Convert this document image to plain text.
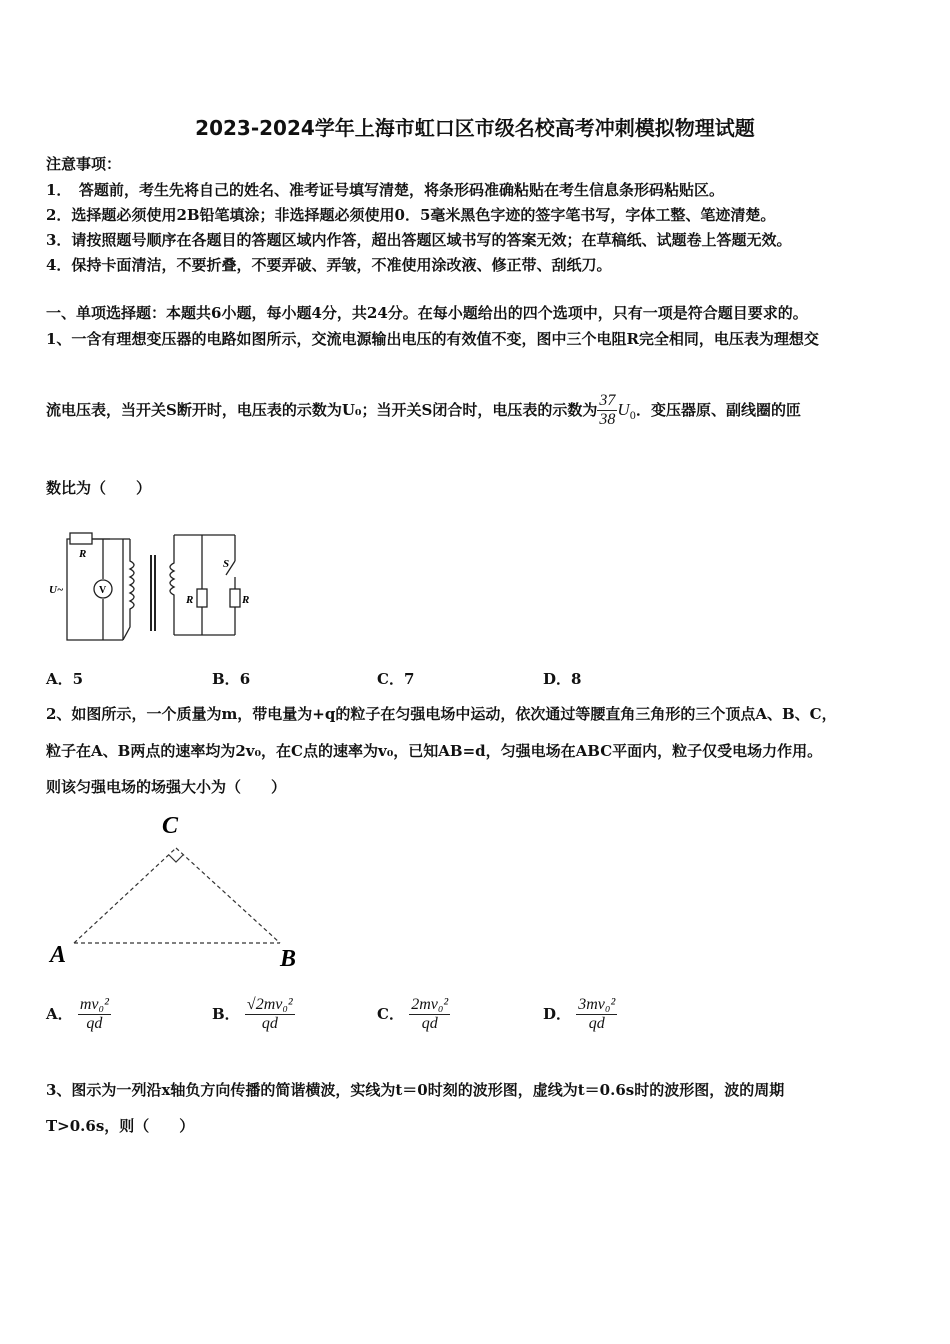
2023-2024学年上海市虹口区市级名校高考冲刺模拟物理试题
注意事项：
1．　答题前，考生先将自己的姓名、准考证号填写清楚，将条形码准确粘贴在考生信息条形码粘贴区。
2．选择题必须使用2B铅笔填涂；非选择题必须使用0．5毫米黑色字迹的签字笔书写，字体工整、笔迹清楚。
3．请按照题号顺序在各题目的答题区域内作答，超出答题区域书写的答案无效；在草稿纸、试题卷上答题无效。
4．保持卡面清洁，不要折叠，不要弄破、弄皱，不准使用涂改液、修正带、刮纸刀。
一、单项选择题：本题共6小题，每小题4分，共24分。在每小题给出的四个选项中，只有一项是符合题目要求的。
1、一含有理想变压器的电路如图所示，交流电源输出电压的有效值不变，图中三个电阻R完全相同，电压表为理想交
流电压表，当开关S断开时，电压表的示数为U₀；当开关S闭合时，电压表的示数为 $\frac{37}{38} U_0$．变压器原、副线圈的匝
数比为（　　）
R
U~	V
R	R
S
A．5	B．6	C．7	D．8
2、如图所示，一个质量为m，带电量为+q的粒子在匀强电场中运动，依次通过等腰直角三角形的三个顶点A、B、C，
粒子在A、B两点的速率均为2v₀，在C点的速率为v₀，已知AB=d，匀强电场在ABC平面内，粒子仅受电场力作用。
则该匀强电场的场强大小为（　　）
C
A	B
A． $\frac{\text{mv₀²}}{qd}$	B． $\frac{\text{√2mv₀²}}{qd}$	C． $\frac{\text{2mv₀²}}{qd}$	D． $\frac{\text{3mv₀²}}{qd}$
3、图示为一列沿x轴负方向传播的简谐横波，实线为t＝0时刻的波形图，虚线为t＝0.6s时的波形图，波的周期
T>0.6s，则（　　）
